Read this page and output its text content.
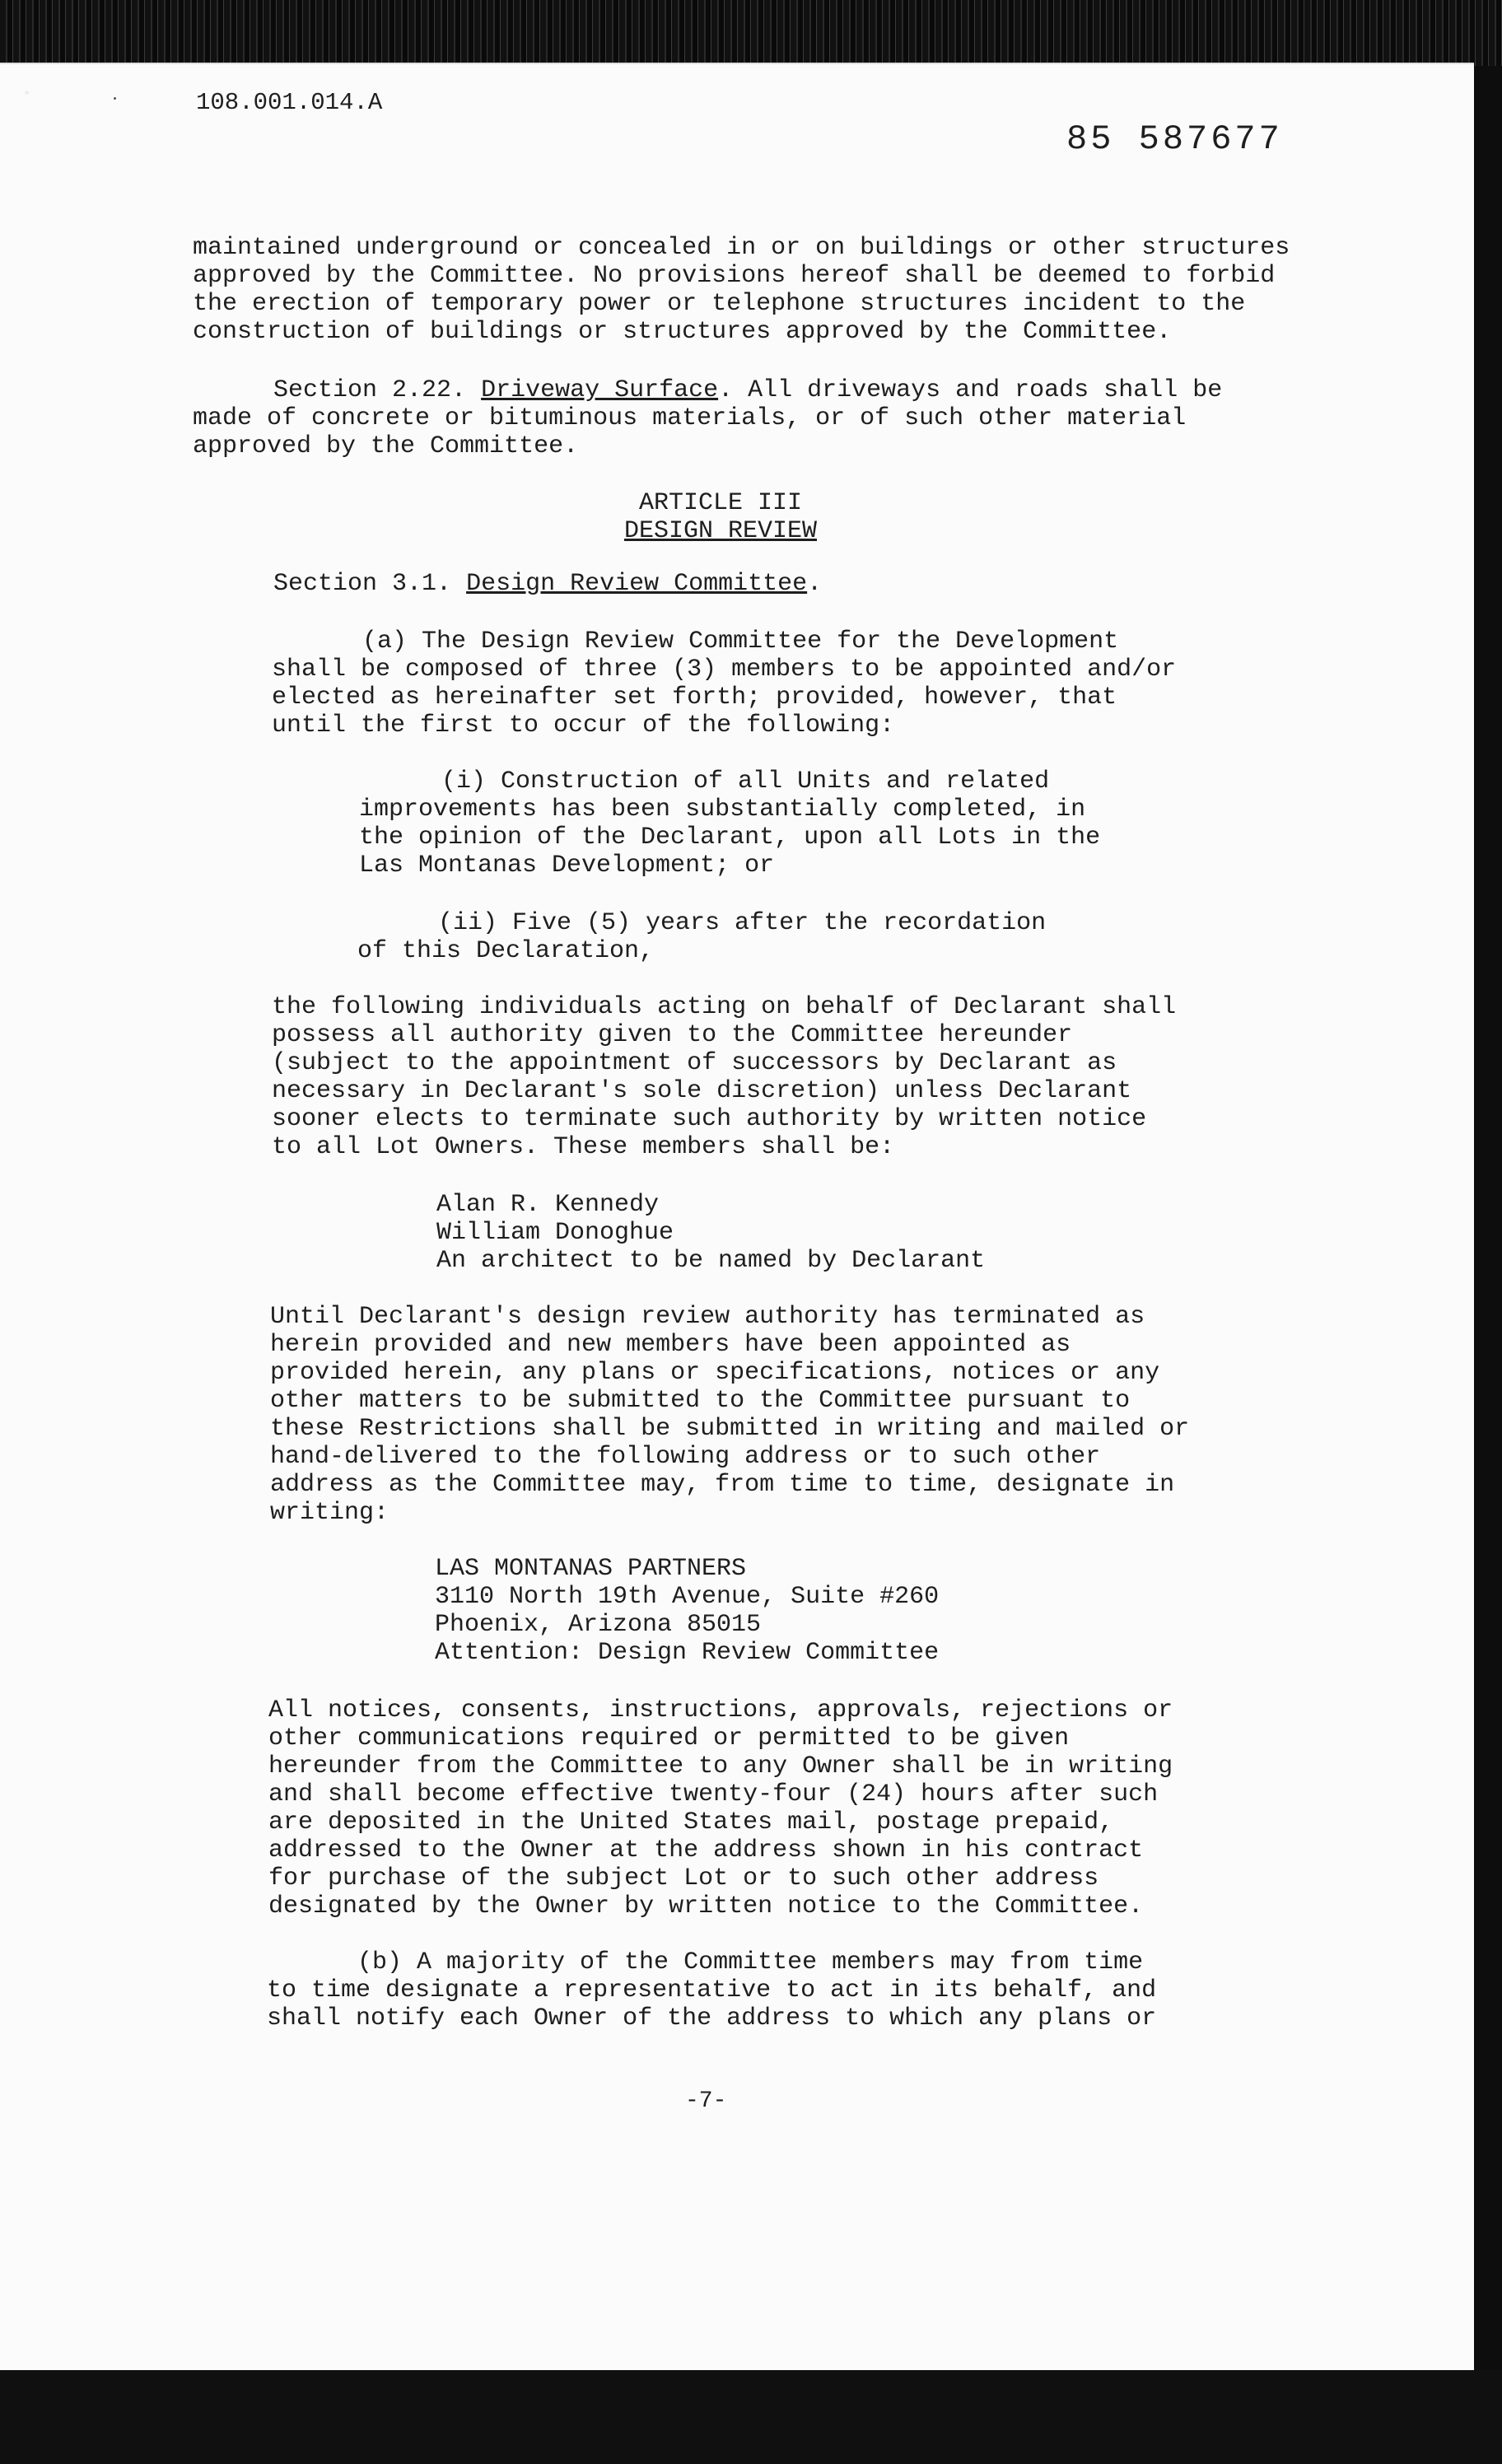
108.001.014.A
85 587677
maintained underground or concealed in or on buildings or other structures
approved by the Committee. No provisions hereof shall be deemed to forbid
the erection of temporary power or telephone structures incident to the
construction of buildings or structures approved by the Committee.
Section 2.22. Driveway Surface. All driveways and roads shall be
made of concrete or bituminous materials, or of such other material
approved by the Committee.
ARTICLE III
DESIGN REVIEW
Section 3.1. Design Review Committee.
(a) The Design Review Committee for the Development
shall be composed of three (3) members to be appointed and/or
elected as hereinafter set forth; provided, however, that
until the first to occur of the following:
(i) Construction of all Units and related
improvements has been substantially completed, in
the opinion of the Declarant, upon all Lots in the
Las Montanas Development; or
(ii) Five (5) years after the recordation
of this Declaration,
the following individuals acting on behalf of Declarant shall
possess all authority given to the Committee hereunder
(subject to the appointment of successors by Declarant as
necessary in Declarant's sole discretion) unless Declarant
sooner elects to terminate such authority by written notice
to all Lot Owners. These members shall be:
Alan R. Kennedy
William Donoghue
An architect to be named by Declarant
Until Declarant's design review authority has terminated as
herein provided and new members have been appointed as
provided herein, any plans or specifications, notices or any
other matters to be submitted to the Committee pursuant to
these Restrictions shall be submitted in writing and mailed or
hand-delivered to the following address or to such other
address as the Committee may, from time to time, designate in
writing:
LAS MONTANAS PARTNERS
3110 North 19th Avenue, Suite #260
Phoenix, Arizona 85015
Attention: Design Review Committee
All notices, consents, instructions, approvals, rejections or
other communications required or permitted to be given
hereunder from the Committee to any Owner shall be in writing
and shall become effective twenty-four (24) hours after such
are deposited in the United States mail, postage prepaid,
addressed to the Owner at the address shown in his contract
for purchase of the subject Lot or to such other address
designated by the Owner by written notice to the Committee.
(b) A majority of the Committee members may from time
to time designate a representative to act in its behalf, and
shall notify each Owner of the address to which any plans or
-7-
